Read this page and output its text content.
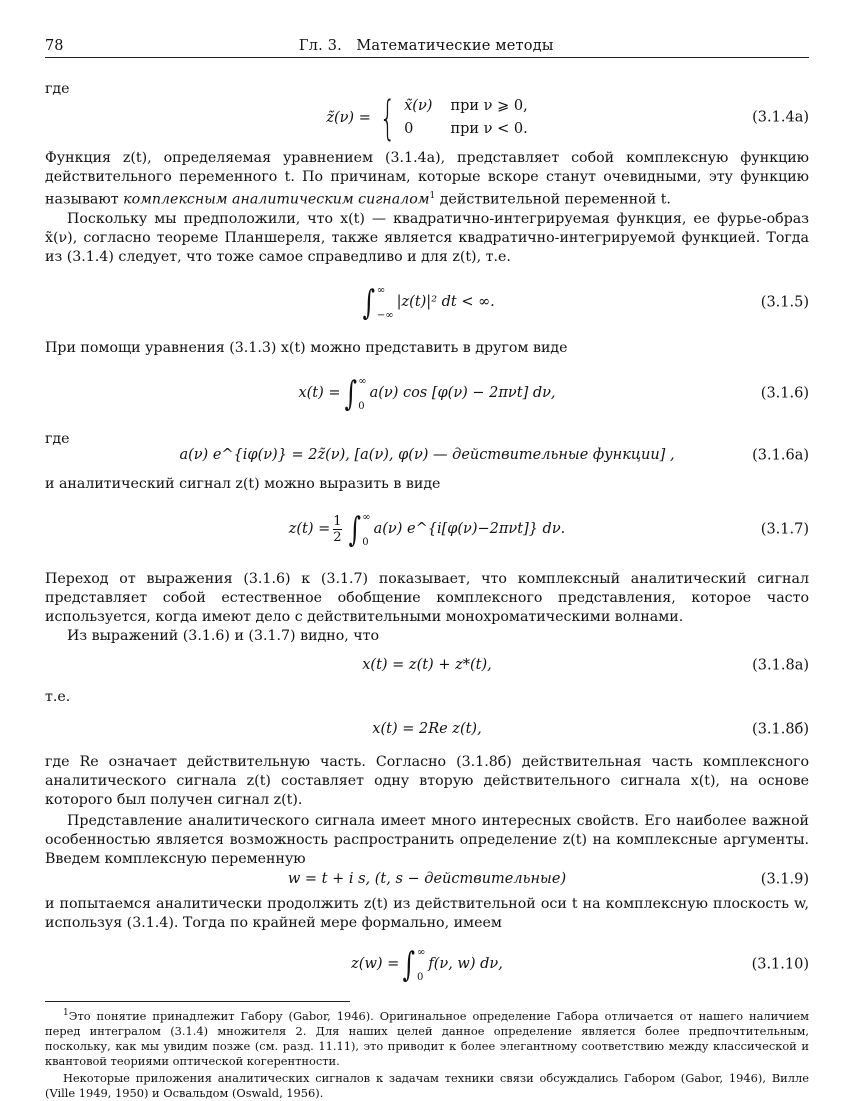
78	Гл. 3. Математические методы

где

z̃(ν) = { x̃(ν) при ν ⩾ 0,
0	при ν < 0.
(3.1.4а)

Функция z(t), определяемая уравнением (3.1.4а), представляет собой комплексную функцию действительного переменного t. По причинам, которые вскоре станут очевидными, эту функцию называют комплексным аналитическим сигналом$^1$ действительной переменной t.

Поскольку мы предположили, что x(t) — квадратично-интегрируемая функция, ее фурье-образ x̃(ν), согласно теореме Планшереля, также является квадратично-интегрируемой функцией. Тогда из (3.1.4) следует, что тоже самое справедливо и для z(t), т.е.

∫ ∞
−∞
|z(t)|² dt < ∞.	(3.1.5)

При помощи уравнения (3.1.3) x(t) можно представить в другом виде

x(t) = ∫ ∞
0
a(ν) cos [φ(ν) − 2πνt] dν,	(3.1.6)

где

a(ν) e^{iφ(ν)} = 2z̃(ν), [a(ν), φ(ν) — действительные функции] ,	(3.1.6а)

и аналитический сигнал z(t) можно выразить в виде

$z(t) = \frac{1}{2}$ ∫ ∞
0
a(ν) e^{i[φ(ν)−2πνt]} dν.	(3.1.7)

Переход от выражения (3.1.6) к (3.1.7) показывает, что комплексный аналитический сигнал представляет собой естественное обобщение комплексного представления, которое часто используется, когда имеют дело с действительными монохроматическими волнами.

Из выражений (3.1.6) и (3.1.7) видно, что

x(t) = z(t) + z*(t),	(3.1.8а)

т.е.

x(t) = 2Re z(t),	(3.1.8б)

где Re означает действительную часть. Согласно (3.1.8б) действительная часть комплексного аналитического сигнала z(t) составляет одну вторую действительного сигнала x(t), на основе которого был получен сигнал z(t).

Представление аналитического сигнала имеет много интересных свойств. Его наиболее важной особенностью является возможность распространить определение z(t) на комплексные аргументы. Введем комплексную переменную

w = t + i s, (t, s − действительные)	(3.1.9)

и попытаемся аналитически продолжить z(t) из действительной оси t на комплексную плоскость w, используя (3.1.4). Тогда по крайней мере формально, имеем

z(w) = ∫ ∞
0
f(ν, w) dν,	(3.1.10)

$^1$Это понятие принадлежит Габору (Gabor, 1946). Оригинальное определение Габора отличается от нашего наличием перед интегралом (3.1.4) множителя 2. Для наших целей данное определение является более предпочтительным, поскольку, как мы увидим позже (см. разд. 11.11), это приводит к более элегантному соответствию между классической и квантовой теориями оптической когерентности.

Некоторые приложения аналитических сигналов к задачам техники связи обсуждались Габором (Gabor, 1946), Вилле (Ville 1949, 1950) и Освальдом (Oswald, 1956).
